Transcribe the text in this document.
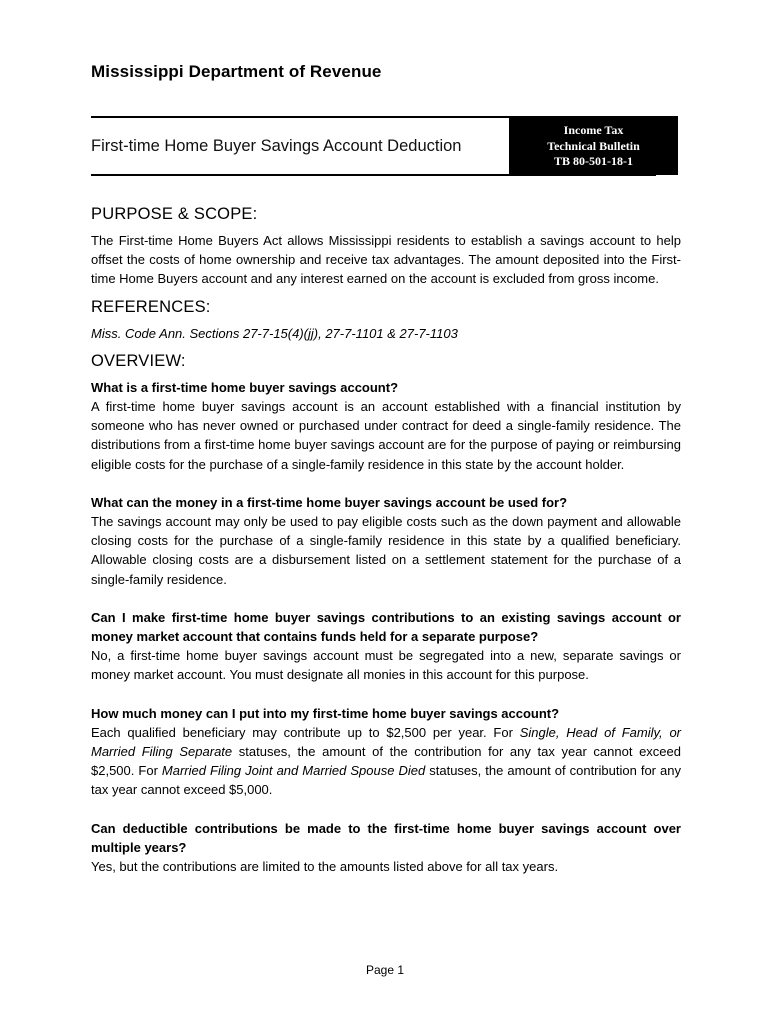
Mississippi Department of Revenue
First-time Home Buyer Savings Account Deduction
Income Tax
Technical Bulletin
TB 80-501-18-1
PURPOSE & SCOPE:

The First-time Home Buyers Act allows Mississippi residents to establish a savings account to help offset the costs of home ownership and receive tax advantages. The amount deposited into the First-time Home Buyers account and any interest earned on the account is excluded from gross income.

REFERENCES:

Miss. Code Ann. Sections 27-7-15(4)(jj), 27-7-1101 & 27-7-1103

OVERVIEW:

What is a first-time home buyer savings account?

A first-time home buyer savings account is an account established with a financial institution by someone who has never owned or purchased under contract for deed a single-family residence. The distributions from a first-time home buyer savings account are for the purpose of paying or reimbursing eligible costs for the purchase of a single-family residence in this state by the account holder.

What can the money in a first-time home buyer savings account be used for?

The savings account may only be used to pay eligible costs such as the down payment and allowable closing costs for the purchase of a single-family residence in this state by a qualified beneficiary. Allowable closing costs are a disbursement listed on a settlement statement for the purchase of a single-family residence.

Can I make first-time home buyer savings contributions to an existing savings account or money market account that contains funds held for a separate purpose?

No, a first-time home buyer savings account must be segregated into a new, separate savings or money market account. You must designate all monies in this account for this purpose.

How much money can I put into my first-time home buyer savings account?

Each qualified beneficiary may contribute up to $2,500 per year. For Single, Head of Family, or Married Filing Separate statuses, the amount of the contribution for any tax year cannot exceed $2,500. For Married Filing Joint and Married Spouse Died statuses, the amount of contribution for any tax year cannot exceed $5,000.

Can deductible contributions be made to the first-time home buyer savings account over multiple years?

Yes, but the contributions are limited to the amounts listed above for all tax years.

Page 1
